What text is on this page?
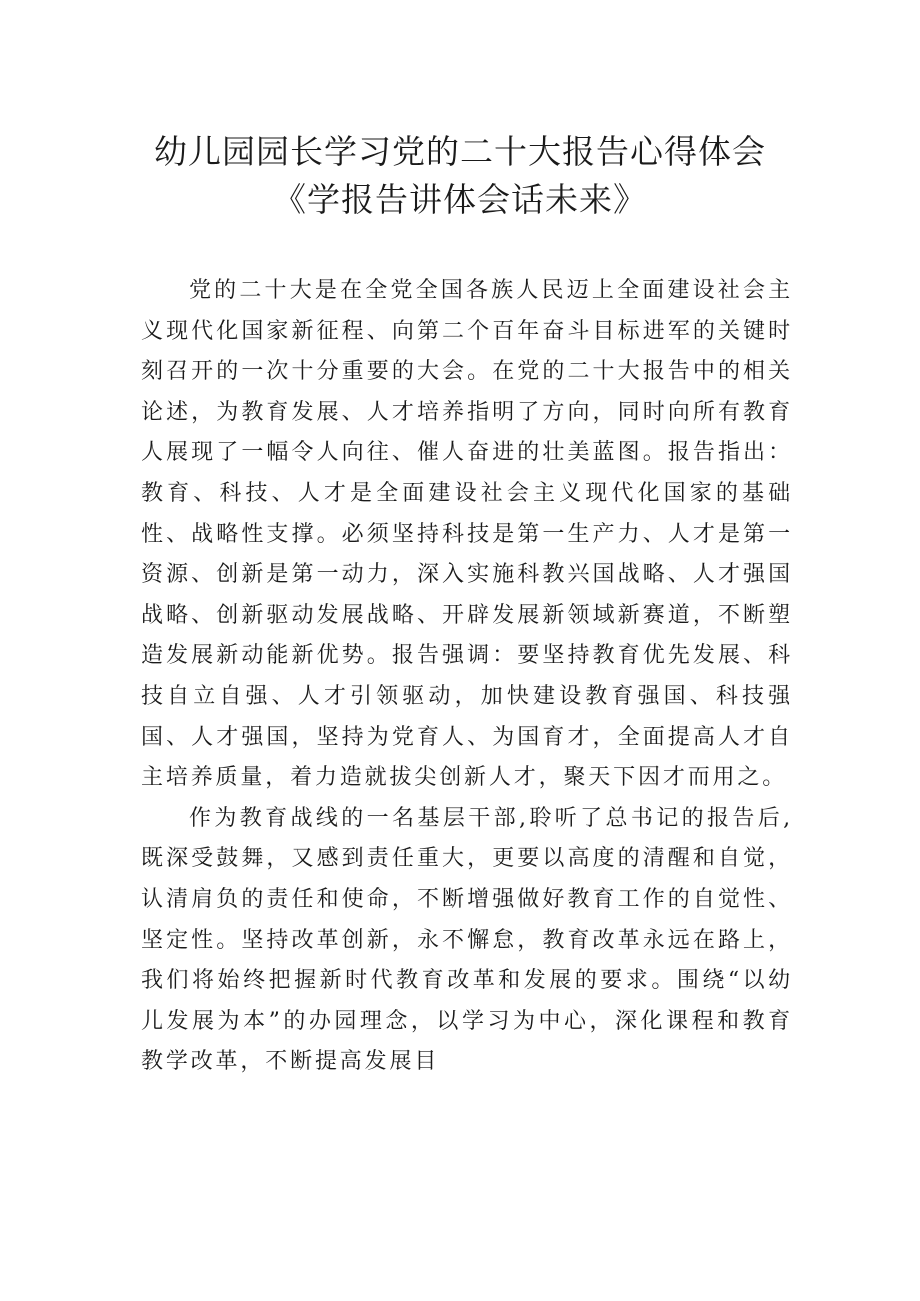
幼儿园园长学习党的二十大报告心得体会
《学报告讲体会话未来》

党的二十大是在全党全国各族人民迈上全面建设社会主义现代化国家新征程、向第二个百年奋斗目标进军的关键时刻召开的一次十分重要的大会。在党的二十大报告中的相关论述，为教育发展、人才培养指明了方向，同时向所有教育人展现了一幅令人向往、催人奋进的壮美蓝图。报告指出：教育、科技、人才是全面建设社会主义现代化国家的基础性、战略性支撑。必须坚持科技是第一生产力、人才是第一资源、创新是第一动力，深入实施科教兴国战略、人才强国战略、创新驱动发展战略、开辟发展新领域新赛道，不断塑造发展新动能新优势。报告强调：要坚持教育优先发展、科技自立自强、人才引领驱动，加快建设教育强国、科技强国、人才强国，坚持为党育人、为国育才，全面提高人才自主培养质量，着力造就拔尖创新人才，聚天下因才而用之。

作为教育战线的一名基层干部,聆听了总书记的报告后,既深受鼓舞，又感到责任重大，更要以高度的清醒和自觉，认清肩负的责任和使命，不断增强做好教育工作的自觉性、坚定性。坚持改革创新，永不懈怠，教育改革永远在路上，我们将始终把握新时代教育改革和发展的要求。围绕“以幼儿发展为本”的办园理念，以学习为中心，深化课程和教育教学改革，不断提高发展目
